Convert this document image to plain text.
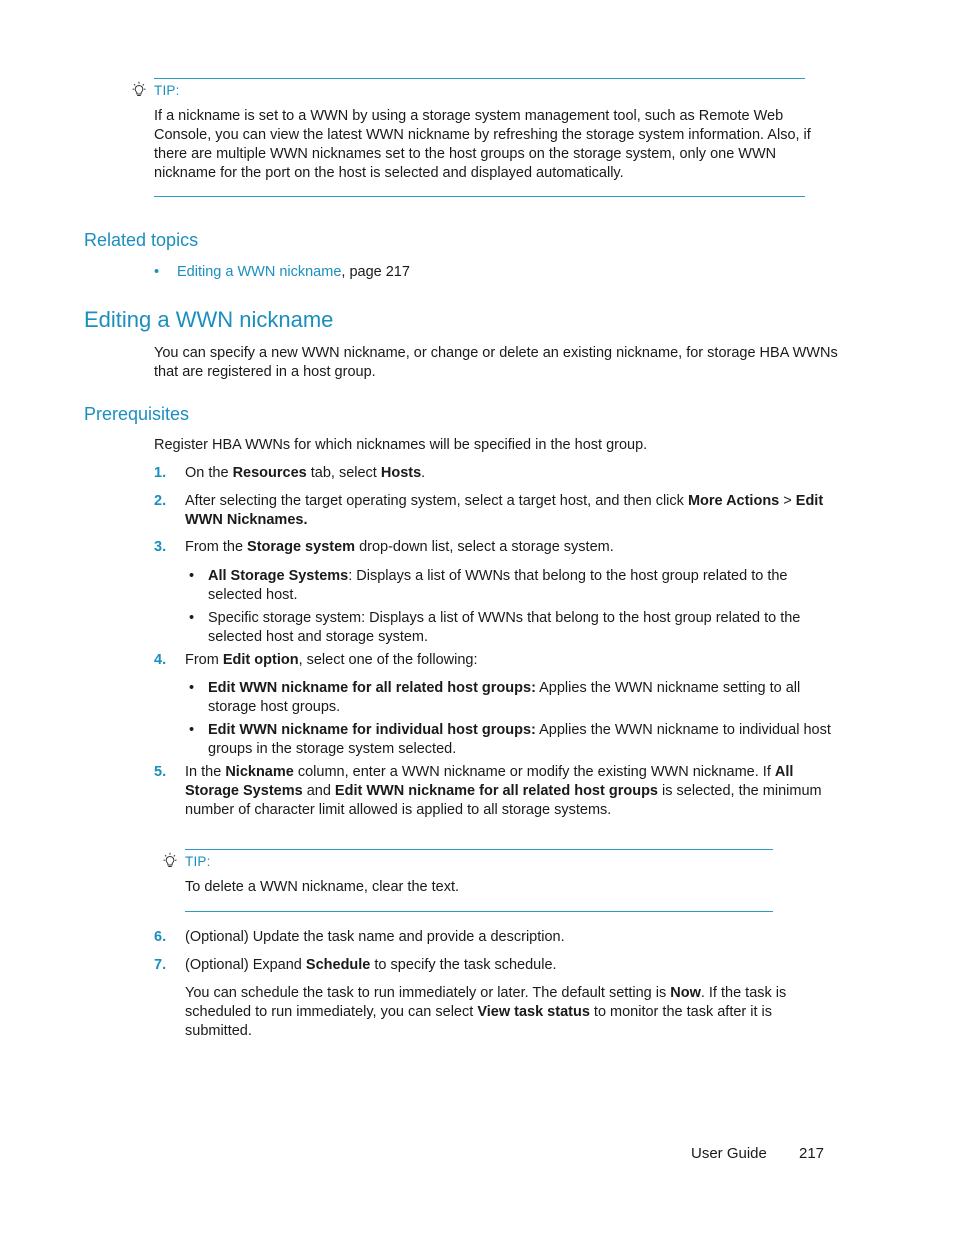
TIP:
If a nickname is set to a WWN by using a storage system management tool, such as Remote Web Console, you can view the latest WWN nickname by refreshing the storage system information. Also, if there are multiple WWN nicknames set to the host groups on the storage system, only one WWN nickname for the port on the host is selected and displayed automatically.
Related topics
• Editing a WWN nickname, page 217
Editing a WWN nickname
You can specify a new WWN nickname, or change or delete an existing nickname, for storage HBA WWNs that are registered in a host group.
Prerequisites
Register HBA WWNs for which nicknames will be specified in the host group.
1. On the Resources tab, select Hosts.
2. After selecting the target operating system, select a target host, and then click More Actions > Edit WWN Nicknames.
3. From the Storage system drop-down list, select a storage system.
• All Storage Systems: Displays a list of WWNs that belong to the host group related to the selected host.
• Specific storage system: Displays a list of WWNs that belong to the host group related to the selected host and storage system.
4. From Edit option, select one of the following:
• Edit WWN nickname for all related host groups: Applies the WWN nickname setting to all storage host groups.
• Edit WWN nickname for individual host groups: Applies the WWN nickname to individual host groups in the storage system selected.
5. In the Nickname column, enter a WWN nickname or modify the existing WWN nickname. If All Storage Systems and Edit WWN nickname for all related host groups is selected, the minimum number of character limit allowed is applied to all storage systems.
TIP:
To delete a WWN nickname, clear the text.
6. (Optional) Update the task name and provide a description.
7. (Optional) Expand Schedule to specify the task schedule.
You can schedule the task to run immediately or later. The default setting is Now. If the task is scheduled to run immediately, you can select View task status to monitor the task after it is submitted.
User Guide 217
